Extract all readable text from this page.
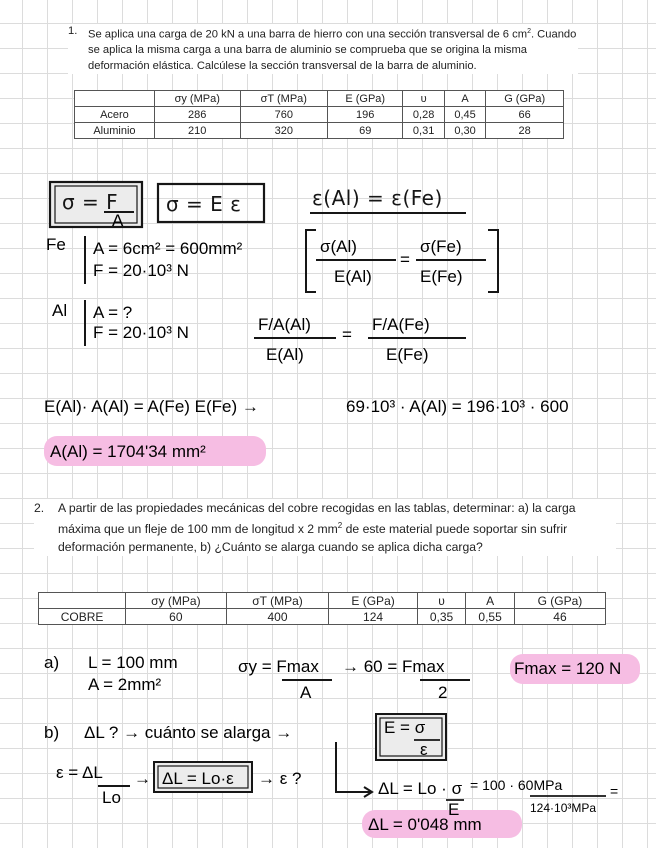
1. Se aplica una carga de 20 kN a una barra de hierro con una sección transversal de 6 $cm^2$. Cuando se aplica la misma carga a una barra de aluminio se comprueba que se origina la misma deformación elástica. Calcúlese la sección transversal de la barra de aluminio.
	σy (MPa)	σT (MPa)	E (GPa)	υ	A	G (GPa)
Acero	286	760	196	0,28	0,45	66
Aluminio	210	320	69	0,31	0,30	28
2.	A partir de las propiedades mecánicas del cobre recogidas en las tablas, determinar: a) la carga máxima que un fleje de 100 mm de longitud x 2 $mm^2$ de este material puede soportar sin sufrir deformación permanente, b) ¿Cuánto se alarga cuando se aplica dicha carga?
	σy (MPa)	σT (MPa)	E (GPa)	υ	A	G (GPa)
COBRE	60	400	124	0,35	0,55	46
σ = F
A
σ = E ε	ε(Al) = ε(Fe)
σ(Al)
E(Al)
=
σ(Fe)
E(Fe)
Fe A = 6cm² = 600mm²
F = 20·10³ N
Al A = ?
F = 20·10³ N	F/A(Al)
E(Al)
=
F/A(Fe)
E(Fe)
E(Al)· A(Al) = A(Fe) E(Fe) →	69·10³ · A(Al) = 196·10³ · 600
A(Al) = 1704'34 mm²
a) L = 100 mm
A = 2mm²
σy = Fmax
A
→ 60 = Fmax
2
Fmax = 120 N
b) ΔL ? → cuánto se alarga →	E = σ
ε
ε = ΔL
Lo
→ ΔL = Lo·ε → ε ?
ΔL = Lo · σ
E
= 100 · 60MPa
124·10³MPa
=
ΔL = 0'048 mm
